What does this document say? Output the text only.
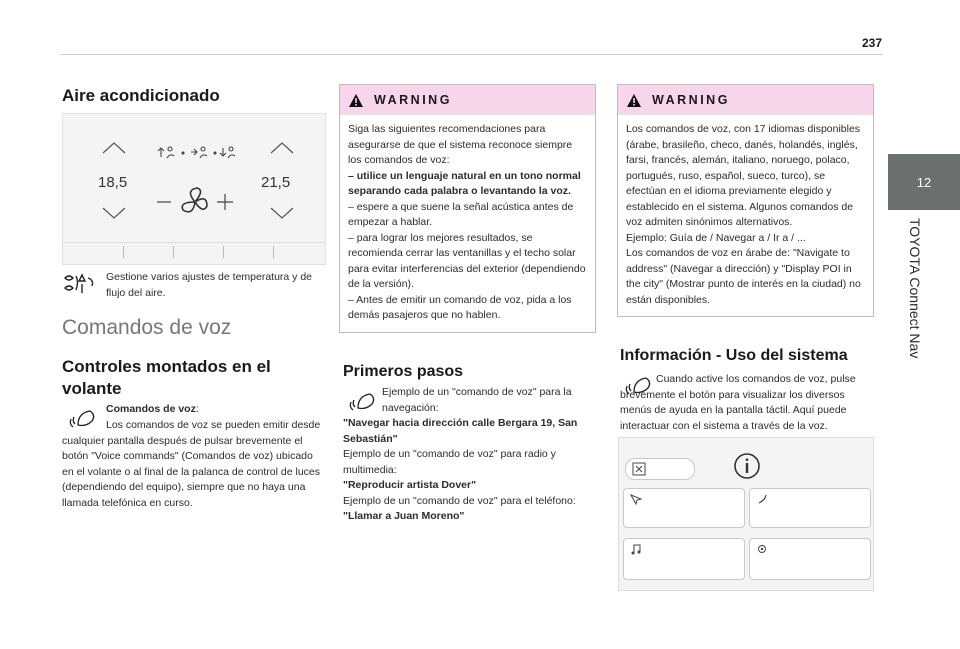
237
12
TOYOTA Connect Nav
Aire acondicionado
18,5	21,5
Gestione varios ajustes de temperatura y de flujo del aire.
Comandos de voz
Controles montados en el volante
Comandos de voz:
Los comandos de voz se pueden emitir desde cualquier pantalla después de pulsar brevemente el botón "Voice commands" (Comandos de voz) ubicado en el volante o al final de la palanca de control de luces (dependiendo del equipo), siempre que no haya una llamada telefónica en curso.
WARNING
Siga las siguientes recomendaciones para asegurarse de que el sistema reconoce siempre los comandos de voz:
– utilice un lenguaje natural en un tono normal separando cada palabra o levantando la voz.
– espere a que suene la señal acústica antes de empezar a hablar.
– para lograr los mejores resultados, se recomienda cerrar las ventanillas y el techo solar para evitar interferencias del exterior (dependiendo de la versión).
– Antes de emitir un comando de voz, pida a los demás pasajeros que no hablen.
Primeros pasos
Ejemplo de un "comando de voz" para la navegación:
"Navegar hacia dirección calle Bergara 19, San Sebastián"
Ejemplo de un "comando de voz" para radio y multimedia:
"Reproducir artista Dover"
Ejemplo de un "comando de voz" para el teléfono:
"Llamar a Juan Moreno"
WARNING
Los comandos de voz, con 17 idiomas disponibles (árabe, brasileño, checo, danés, holandés, inglés, farsi, francés, alemán, italiano, noruego, polaco, portugués, ruso, español, sueco, turco), se efectúan en el idioma previamente elegido y establecido en el sistema. Algunos comandos de voz admiten sinónimos alternativos.
Ejemplo: Guía de / Navegar a / Ir a / ...
Los comandos de voz en árabe de: "Navigate to address" (Navegar a dirección) y "Display POI in the city" (Mostrar punto de interés en la ciudad) no están disponibles.
Información - Uso del sistema
Cuando active los comandos de voz, pulse brevemente el botón para visualizar los diversos menús de ayuda en la pantalla táctil. Aquí puede interactuar con el sistema a través de la voz.
